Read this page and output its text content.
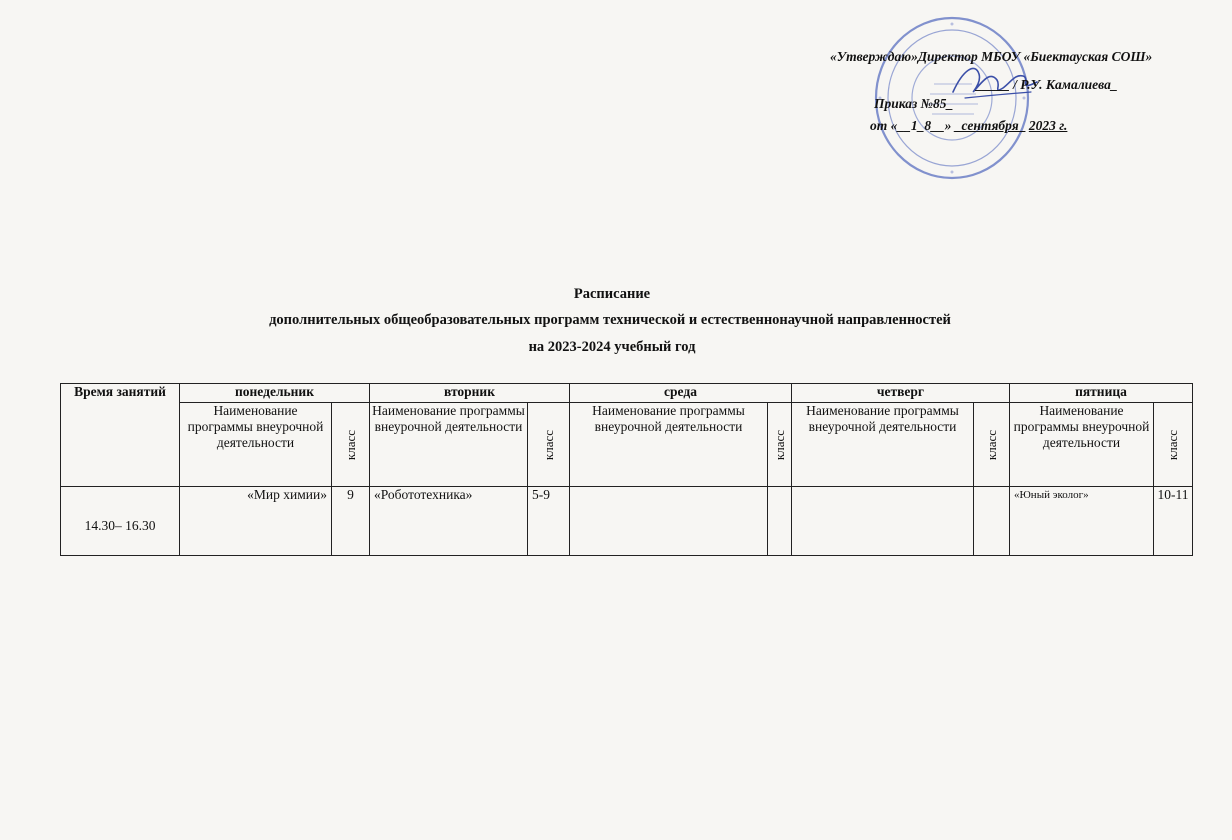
«Утверждаю»Директор МБОУ «Биектауская СОШ»
_____ / Р.У. Камалиева_
Приказ №85_
от «__1_8__» _сентября_ 2023 г.
Расписание
дополнительных общеобразовательных программ технической и естественнонаучной направленностей
на 2023-2024 учебный год
Время занятий	понедельник		вторник		среда		четверг		пятница	
	Наименование программы внеурочной деятельности	класс	Наименование программы внеурочной деятельности	класс	Наименование программы внеурочной деятельности	класс	Наименование программы внеурочной деятельности	класс	Наименование программы внеурочной деятельности	класс

14.30– 16.30	«Мир химии»	9	«Робототехника»	5-9					«Юный эколог»	10-11
